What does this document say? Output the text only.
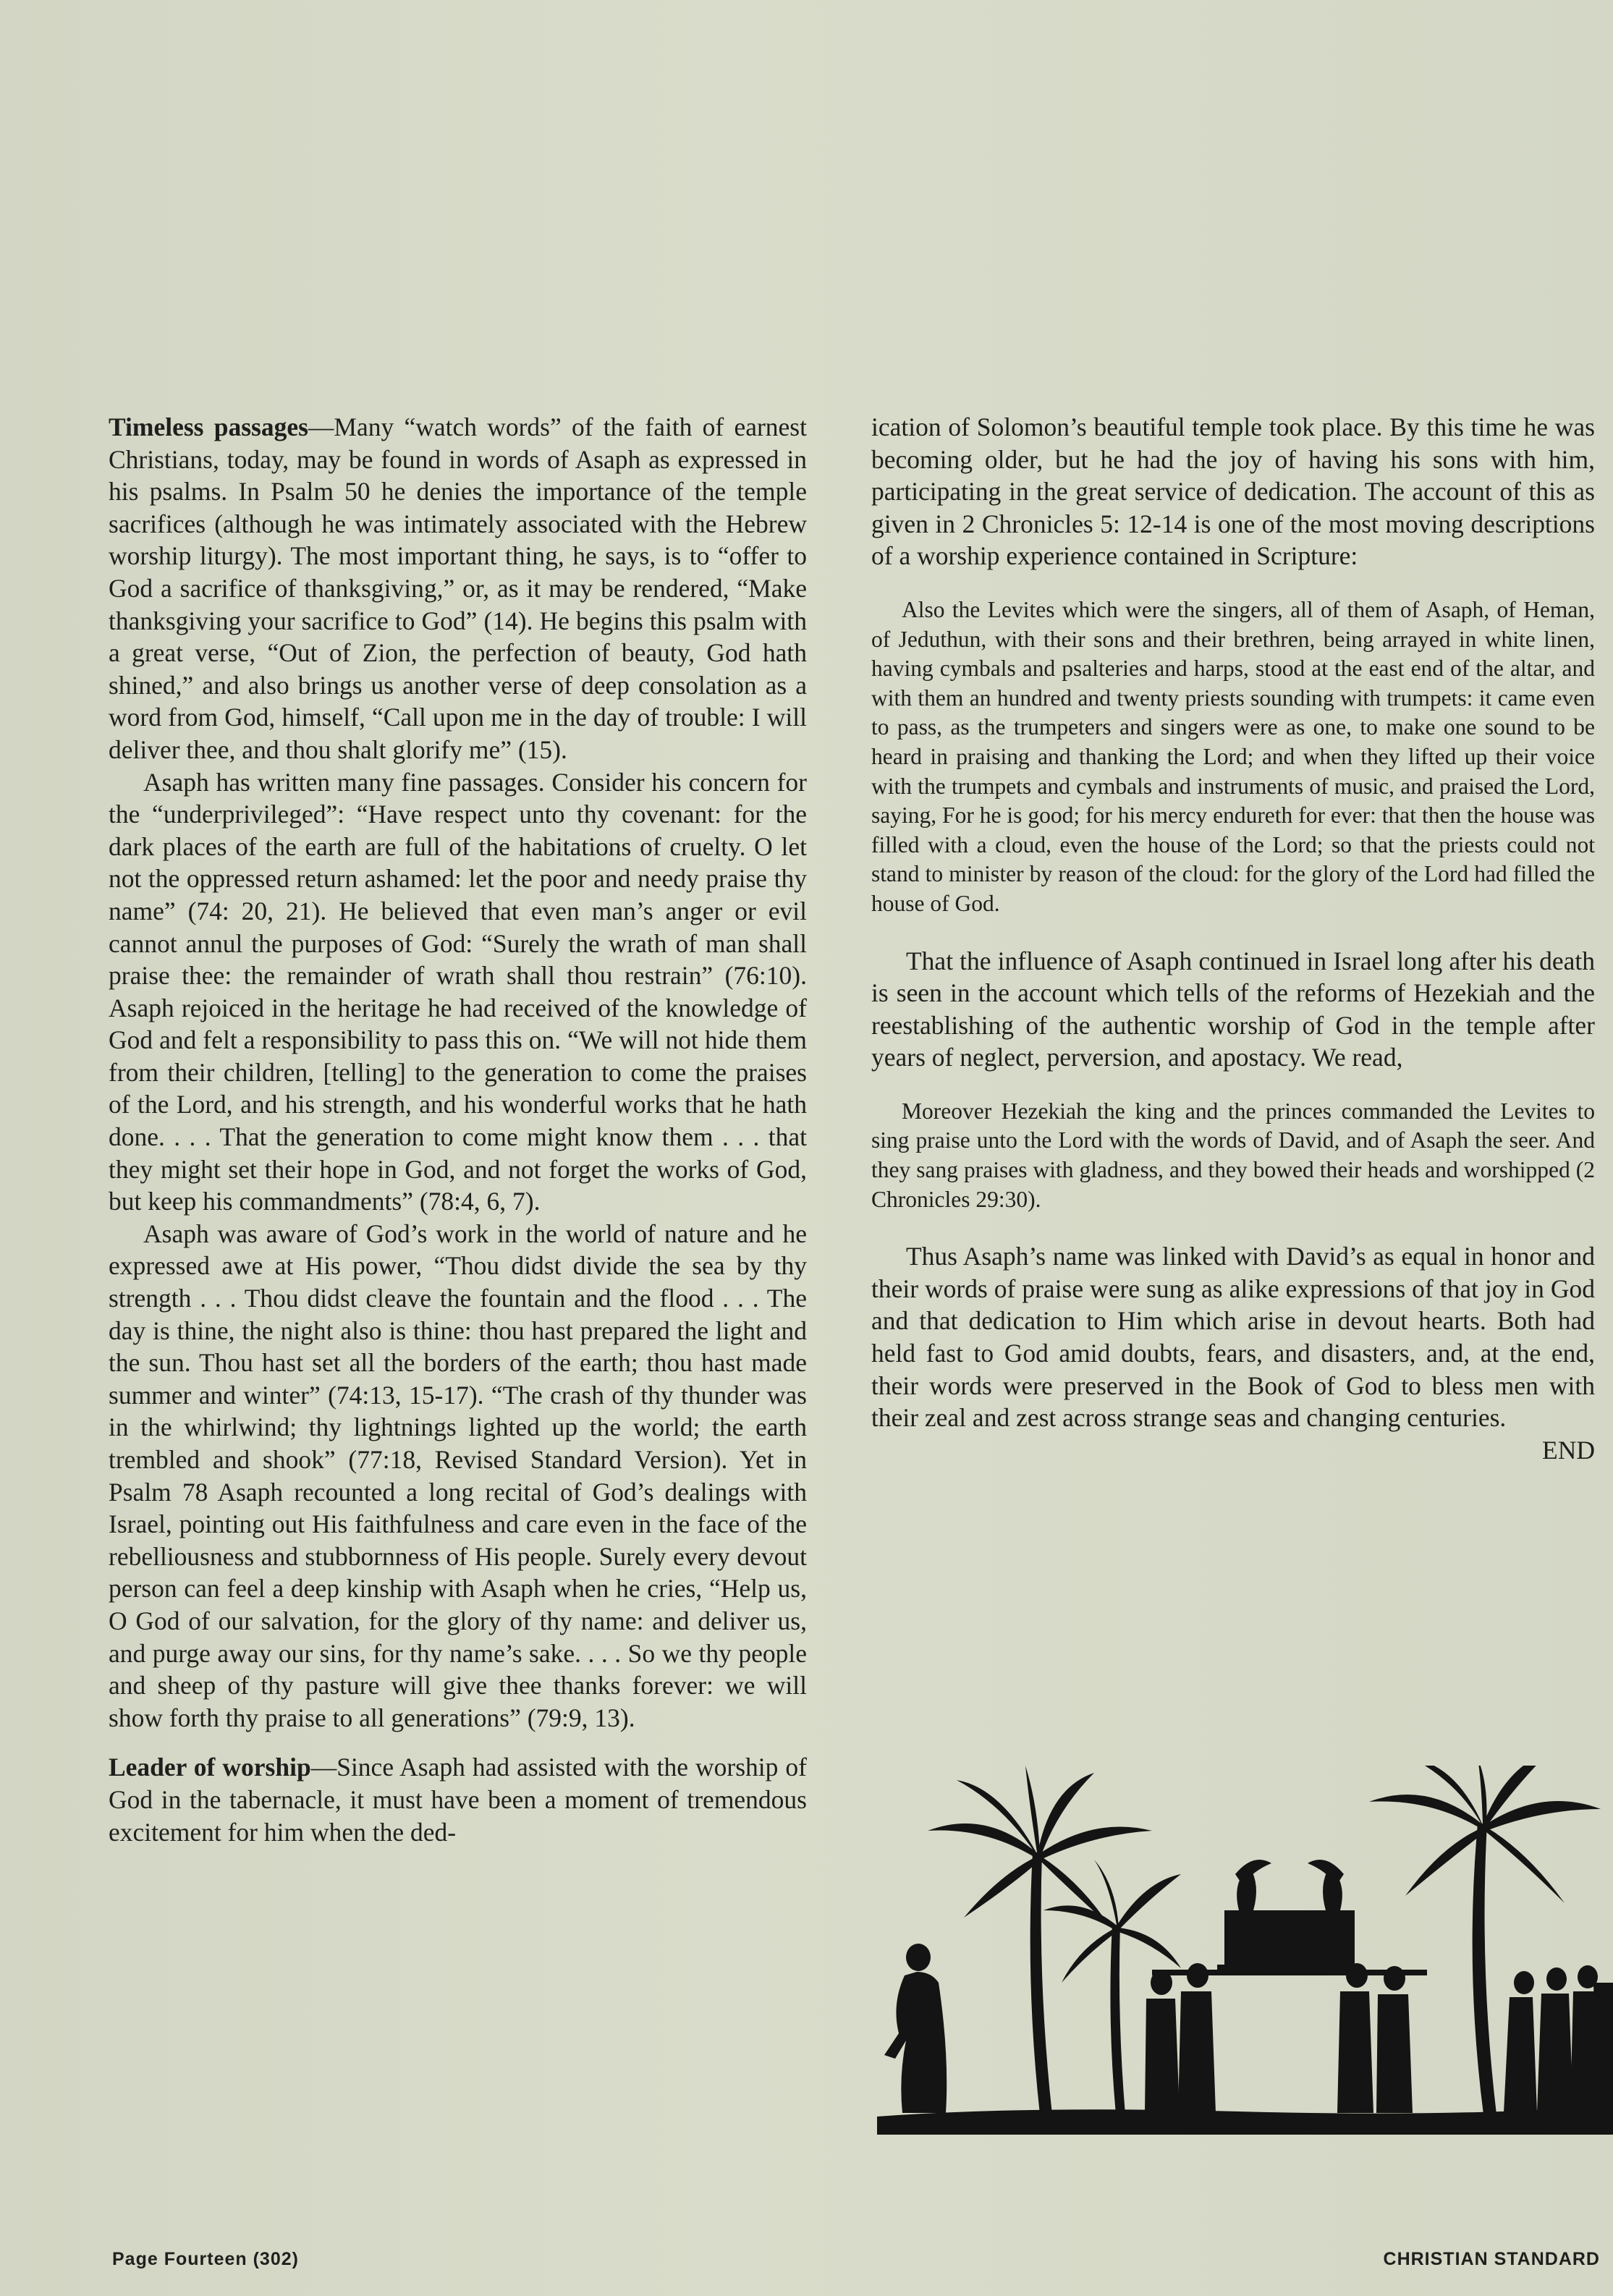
Timeless passages—Many “watch words” of the faith of earnest Christians, today, may be found in words of Asaph as expressed in his psalms. In Psalm 50 he denies the importance of the temple sacrifices (although he was intimately associated with the Hebrew worship liturgy). The most important thing, he says, is to “offer to God a sacrifice of thanksgiving,” or, as it may be rendered, “Make thanksgiving your sacrifice to God” (14). He begins this psalm with a great verse, “Out of Zion, the perfection of beauty, God hath shined,” and also brings us another verse of deep consolation as a word from God, himself, “Call upon me in the day of trouble: I will deliver thee, and thou shalt glorify me” (15).

Asaph has written many fine passages. Consider his concern for the “underprivileged”: “Have respect unto thy covenant: for the dark places of the earth are full of the habitations of cruelty. O let not the oppressed return ashamed: let the poor and needy praise thy name” (74: 20, 21). He believed that even man’s anger or evil cannot annul the purposes of God: “Surely the wrath of man shall praise thee: the remainder of wrath shall thou restrain” (76:10). Asaph rejoiced in the heritage he had received of the knowledge of God and felt a responsibility to pass this on. “We will not hide them from their children, [telling] to the generation to come the praises of the Lord, and his strength, and his wonderful works that he hath done. . . . That the generation to come might know them . . . that they might set their hope in God, and not forget the works of God, but keep his commandments” (78:4, 6, 7).

Asaph was aware of God’s work in the world of nature and he expressed awe at His power, “Thou didst divide the sea by thy strength . . . Thou didst cleave the fountain and the flood . . . The day is thine, the night also is thine: thou hast prepared the light and the sun. Thou hast set all the borders of the earth; thou hast made summer and winter” (74:13, 15-17). “The crash of thy thunder was in the whirlwind; thy lightnings lighted up the world; the earth trembled and shook” (77:18, Revised Standard Version). Yet in Psalm 78 Asaph recounted a long recital of God’s dealings with Israel, pointing out His faithfulness and care even in the face of the rebelliousness and stubbornness of His people. Surely every devout person can feel a deep kinship with Asaph when he cries, “Help us, O God of our salvation, for the glory of thy name: and deliver us, and purge away our sins, for thy name’s sake. . . . So we thy people and sheep of thy pasture will give thee thanks forever: we will show forth thy praise to all generations” (79:9, 13).

Leader of worship—Since Asaph had assisted with the worship of God in the tabernacle, it must have been a moment of tremendous excitement for him when the ded-

ication of Solomon’s beautiful temple took place. By this time he was becoming older, but he had the joy of having his sons with him, participating in the great service of dedication. The account of this as given in 2 Chronicles 5: 12-14 is one of the most moving descriptions of a worship experience contained in Scripture:

Also the Levites which were the singers, all of them of Asaph, of Heman, of Jeduthun, with their sons and their brethren, being arrayed in white linen, having cymbals and psalteries and harps, stood at the east end of the altar, and with them an hundred and twenty priests sounding with trumpets: it came even to pass, as the trumpeters and singers were as one, to make one sound to be heard in praising and thanking the Lord; and when they lifted up their voice with the trumpets and cymbals and instruments of music, and praised the Lord, saying, For he is good; for his mercy endureth for ever: that then the house was filled with a cloud, even the house of the Lord; so that the priests could not stand to minister by reason of the cloud: for the glory of the Lord had filled the house of God.

That the influence of Asaph continued in Israel long after his death is seen in the account which tells of the reforms of Hezekiah and the reestablishing of the authentic worship of God in the temple after years of neglect, perversion, and apostacy. We read,

Moreover Hezekiah the king and the princes commanded the Levites to sing praise unto the Lord with the words of David, and of Asaph the seer. And they sang praises with gladness, and they bowed their heads and worshipped (2 Chronicles 29:30).

Thus Asaph’s name was linked with David’s as equal in honor and their words of praise were sung as alike expressions of that joy in God and that dedication to Him which arise in devout hearts. Both had held fast to God amid doubts, fears, and disasters, and, at the end, their words were preserved in the Book of God to bless men with their zeal and zest across strange seas and changing centuries.

END

Page Fourteen (302)	CHRISTIAN STANDARD
